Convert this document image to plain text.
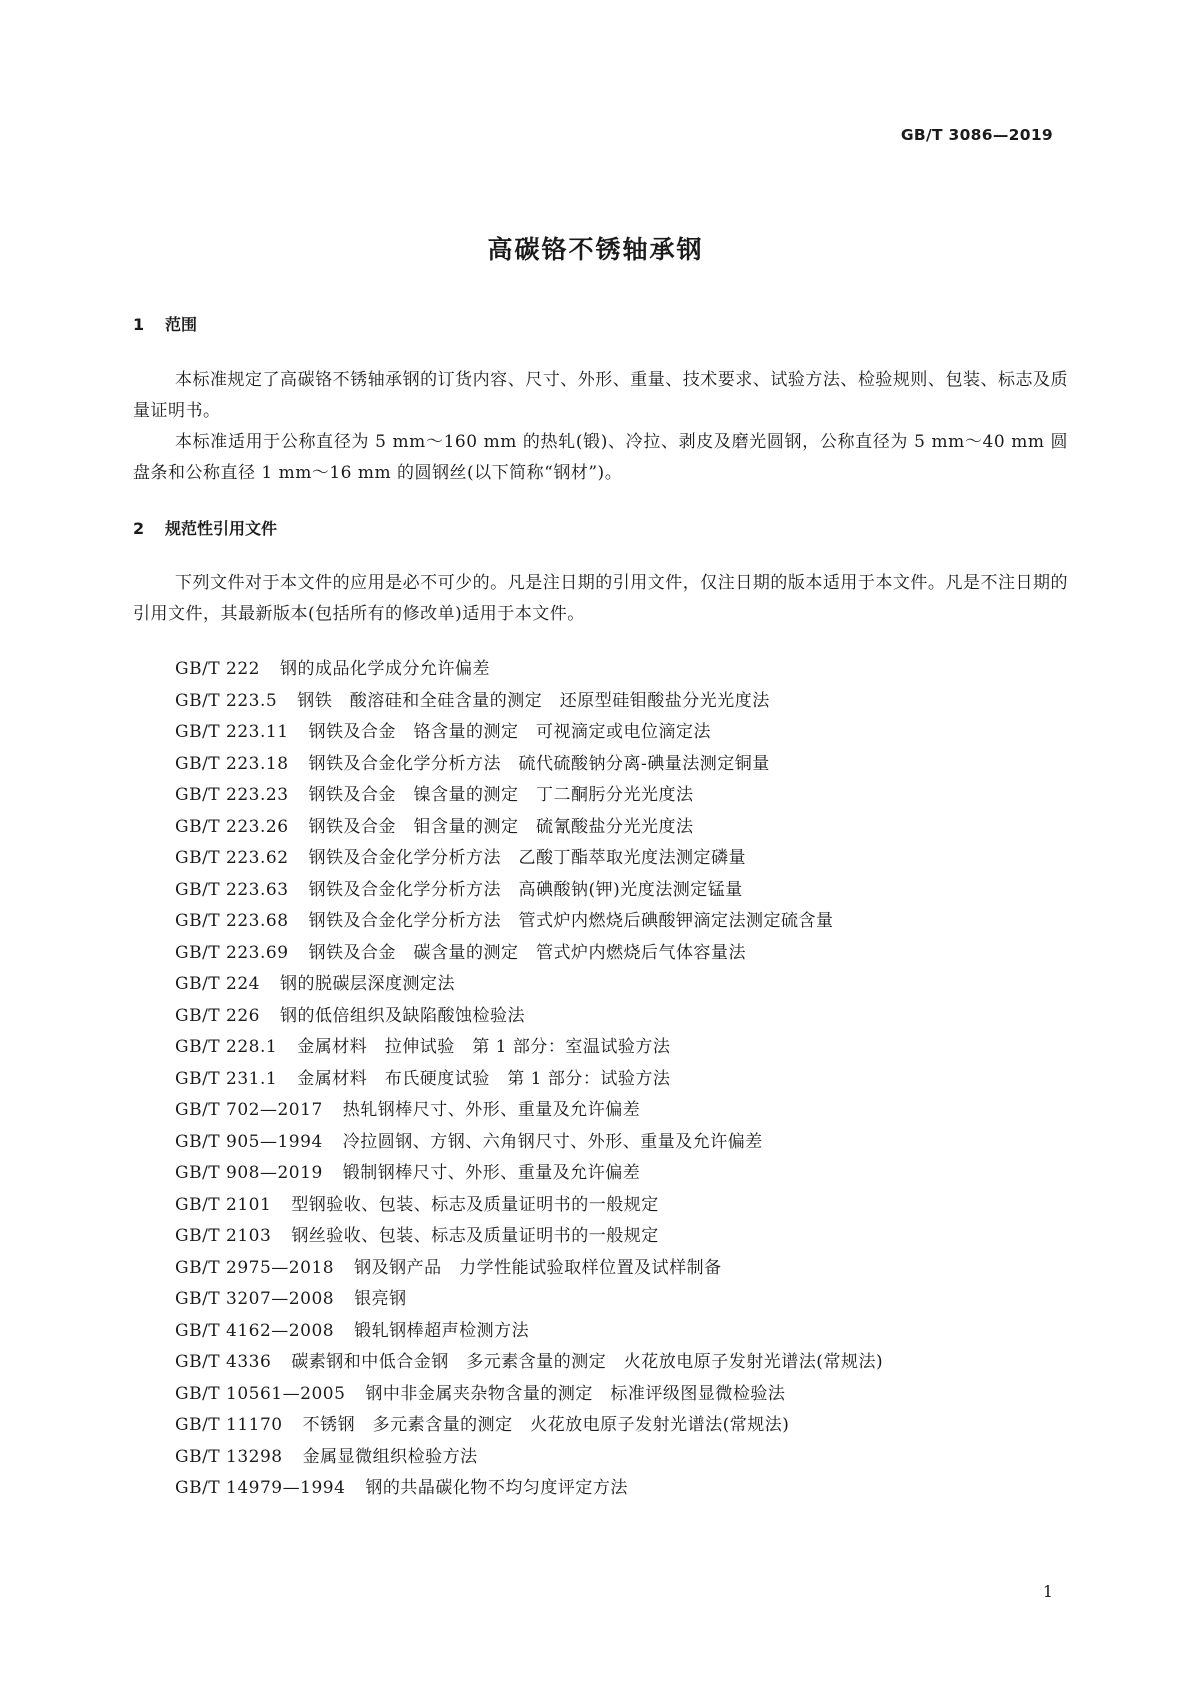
GB/T 3086—2019
高碳铬不锈轴承钢
1 范围

本标准规定了高碳铬不锈轴承钢的订货内容、尺寸、外形、重量、技术要求、试验方法、检验规则、包装、标志及质量证明书。

本标准适用于公称直径为 5 mm～160 mm 的热轧(锻)、冷拉、剥皮及磨光圆钢，公称直径为 5 mm～40 mm 圆盘条和公称直径 1 mm～16 mm 的圆钢丝(以下简称“钢材”)。

2 规范性引用文件

下列文件对于本文件的应用是必不可少的。凡是注日期的引用文件，仅注日期的版本适用于本文件。凡是不注日期的引用文件，其最新版本(包括所有的修改单)适用于本文件。

GB/T 222 钢的成品化学成分允许偏差
GB/T 223.5 钢铁　酸溶硅和全硅含量的测定　还原型硅钼酸盐分光光度法
GB/T 223.11 钢铁及合金　铬含量的测定　可视滴定或电位滴定法
GB/T 223.18 钢铁及合金化学分析方法　硫代硫酸钠分离-碘量法测定铜量
GB/T 223.23 钢铁及合金　镍含量的测定　丁二酮肟分光光度法
GB/T 223.26 钢铁及合金　钼含量的测定　硫氰酸盐分光光度法
GB/T 223.62 钢铁及合金化学分析方法　乙酸丁酯萃取光度法测定磷量
GB/T 223.63 钢铁及合金化学分析方法　高碘酸钠(钾)光度法测定锰量
GB/T 223.68 钢铁及合金化学分析方法　管式炉内燃烧后碘酸钾滴定法测定硫含量
GB/T 223.69 钢铁及合金　碳含量的测定　管式炉内燃烧后气体容量法
GB/T 224 钢的脱碳层深度测定法
GB/T 226 钢的低倍组织及缺陷酸蚀检验法
GB/T 228.1 金属材料　拉伸试验　第 1 部分：室温试验方法
GB/T 231.1 金属材料　布氏硬度试验　第 1 部分：试验方法
GB/T 702—2017 热轧钢棒尺寸、外形、重量及允许偏差
GB/T 905—1994 冷拉圆钢、方钢、六角钢尺寸、外形、重量及允许偏差
GB/T 908—2019 锻制钢棒尺寸、外形、重量及允许偏差
GB/T 2101 型钢验收、包装、标志及质量证明书的一般规定
GB/T 2103 钢丝验收、包装、标志及质量证明书的一般规定
GB/T 2975—2018 钢及钢产品　力学性能试验取样位置及试样制备
GB/T 3207—2008 银亮钢
GB/T 4162—2008 锻轧钢棒超声检测方法
GB/T 4336 碳素钢和中低合金钢　多元素含量的测定　火花放电原子发射光谱法(常规法)
GB/T 10561—2005 钢中非金属夹杂物含量的测定　标准评级图显微检验法
GB/T 11170 不锈钢　多元素含量的测定　火花放电原子发射光谱法(常规法)
GB/T 13298 金属显微组织检验方法
GB/T 14979—1994 钢的共晶碳化物不均匀度评定方法
1
